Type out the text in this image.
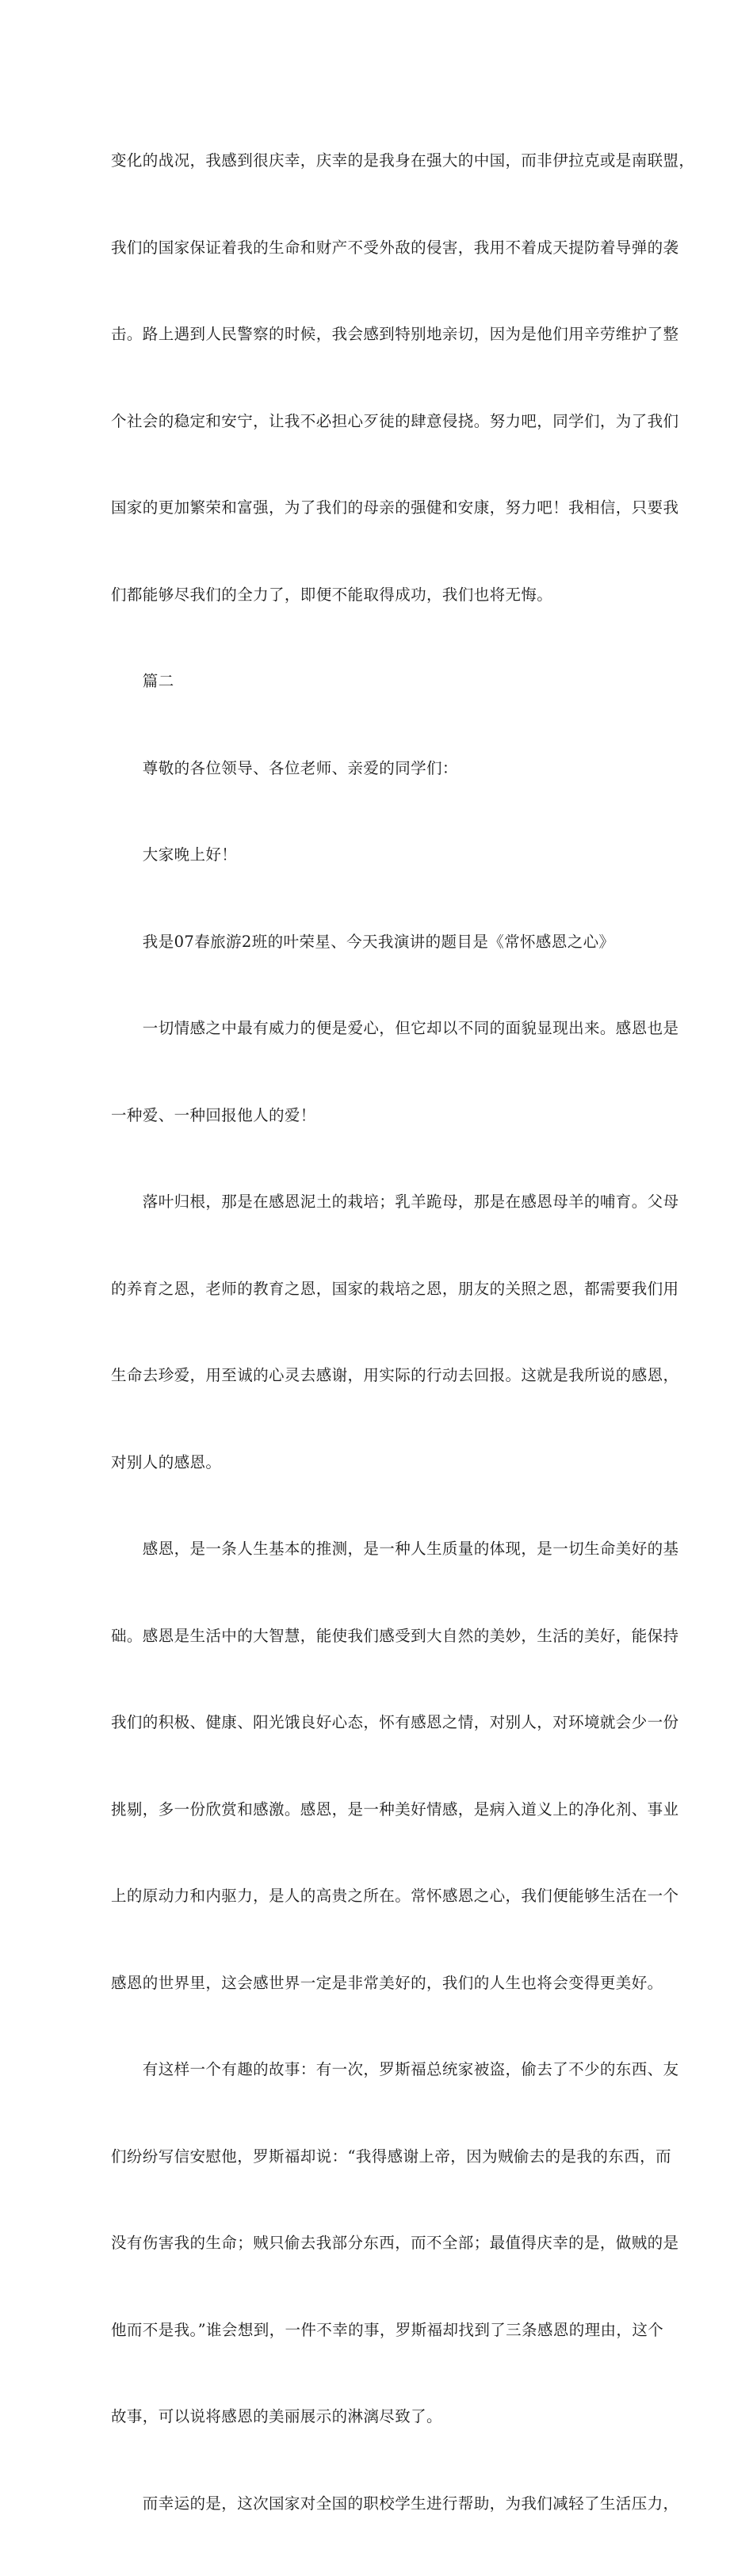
变化的战况，我感到很庆幸，庆幸的是我身在强大的中国，而非伊拉克或是南联盟，

我们的国家保证着我的生命和财产不受外敌的侵害，我用不着成天提防着导弹的袭

击。路上遇到人民警察的时候，我会感到特别地亲切，因为是他们用辛劳维护了整

个社会的稳定和安宁，让我不必担心歹徒的肆意侵挠。努力吧，同学们，为了我们

国家的更加繁荣和富强，为了我们的母亲的强健和安康，努力吧！我相信，只要我

们都能够尽我们的全力了，即便不能取得成功，我们也将无悔。

　　篇二

　　尊敬的各位领导、各位老师、亲爱的同学们：

　　大家晚上好！

　　我是07春旅游2班的叶荣星、今天我演讲的题目是《常怀感恩之心》

　　一切情感之中最有威力的便是爱心，但它却以不同的面貌显现出来。感恩也是

一种爱、一种回报他人的爱！

　　落叶归根，那是在感恩泥土的栽培；乳羊跪母，那是在感恩母羊的哺育。父母

的养育之恩，老师的教育之恩，国家的栽培之恩，朋友的关照之恩，都需要我们用

生命去珍爱，用至诚的心灵去感谢，用实际的行动去回报。这就是我所说的感恩，

对别人的感恩。

　　感恩，是一条人生基本的推测，是一种人生质量的体现，是一切生命美好的基

础。感恩是生活中的大智慧，能使我们感受到大自然的美妙，生活的美好，能保持

我们的积极、健康、阳光饿良好心态，怀有感恩之情，对别人，对环境就会少一份

挑剔，多一份欣赏和感激。感恩，是一种美好情感，是病入道义上的净化剂、事业

上的原动力和内驱力，是人的高贵之所在。常怀感恩之心，我们便能够生活在一个

感恩的世界里，这会感世界一定是非常美好的，我们的人生也将会变得更美好。

　　有这样一个有趣的故事：有一次，罗斯福总统家被盗，偷去了不少的东西、友

们纷纷写信安慰他，罗斯福却说：“我得感谢上帝，因为贼偷去的是我的东西，而

没有伤害我的生命；贼只偷去我部分东西，而不全部；最值得庆幸的是，做贼的是

他而不是我。”谁会想到，一件不幸的事，罗斯福却找到了三条感恩的理由，这个

故事，可以说将感恩的美丽展示的淋漓尽致了。

　　而幸运的是，这次国家对全国的职校学生进行帮助，为我们减轻了生活压力，
